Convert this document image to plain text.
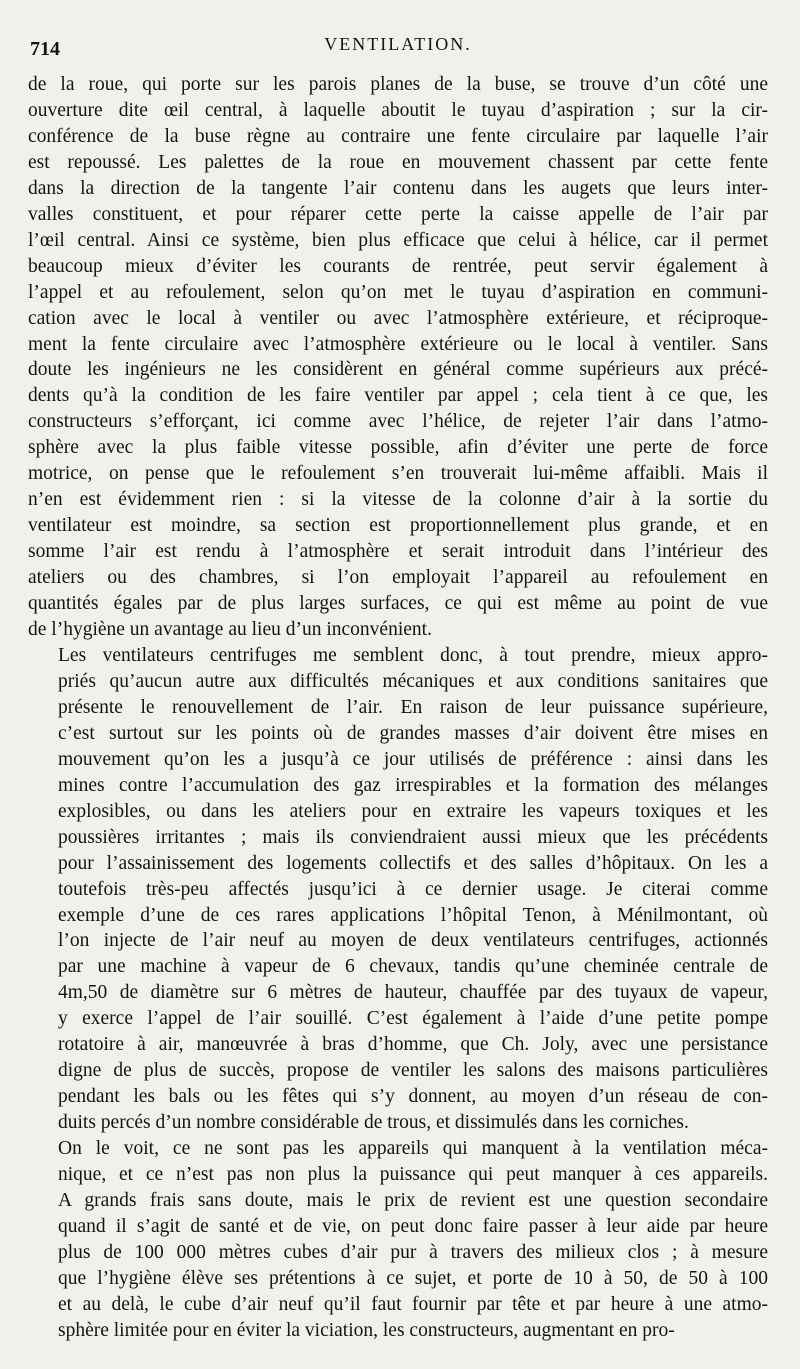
714	VENTILATION.

de la roue, qui porte sur les parois planes de la buse, se trouve d’un côté une
ouverture dite œil central, à laquelle aboutit le tuyau d’aspiration ; sur la cir-
conférence de la buse règne au contraire une fente circulaire par laquelle l’air
est repoussé. Les palettes de la roue en mouvement chassent par cette fente
dans la direction de la tangente l’air contenu dans les augets que leurs inter-
valles constituent, et pour réparer cette perte la caisse appelle de l’air par
l’œil central. Ainsi ce système, bien plus efficace que celui à hélice, car il permet
beaucoup mieux d’éviter les courants de rentrée, peut servir également à
l’appel et au refoulement, selon qu’on met le tuyau d’aspiration en communi-
cation avec le local à ventiler ou avec l’atmosphère extérieure, et réciproque-
ment la fente circulaire avec l’atmosphère extérieure ou le local à ventiler. Sans
doute les ingénieurs ne les considèrent en général comme supérieurs aux précé-
dents qu’à la condition de les faire ventiler par appel ; cela tient à ce que, les
constructeurs s’efforçant, ici comme avec l’hélice, de rejeter l’air dans l’atmo-
sphère avec la plus faible vitesse possible, afin d’éviter une perte de force
motrice, on pense que le refoulement s’en trouverait lui-même affaibli. Mais il
n’en est évidemment rien : si la vitesse de la colonne d’air à la sortie du
ventilateur est moindre, sa section est proportionnellement plus grande, et en
somme l’air est rendu à l’atmosphère et serait introduit dans l’intérieur des
ateliers ou des chambres, si l’on employait l’appareil au refoulement en
quantités égales par de plus larges surfaces, ce qui est même au point de vue
de l’hygiène un avantage au lieu d’un inconvénient.

Les ventilateurs centrifuges me semblent donc, à tout prendre, mieux appro-
priés qu’aucun autre aux difficultés mécaniques et aux conditions sanitaires que
présente le renouvellement de l’air. En raison de leur puissance supérieure,
c’est surtout sur les points où de grandes masses d’air doivent être mises en
mouvement qu’on les a jusqu’à ce jour utilisés de préférence : ainsi dans les
mines contre l’accumulation des gaz irrespirables et la formation des mélanges
explosibles, ou dans les ateliers pour en extraire les vapeurs toxiques et les
poussières irritantes ; mais ils conviendraient aussi mieux que les précédents
pour l’assainissement des logements collectifs et des salles d’hôpitaux. On les a
toutefois très-peu affectés jusqu’ici à ce dernier usage. Je citerai comme
exemple d’une de ces rares applications l’hôpital Tenon, à Ménilmontant, où
l’on injecte de l’air neuf au moyen de deux ventilateurs centrifuges, actionnés
par une machine à vapeur de 6 chevaux, tandis qu’une cheminée centrale de
4m,50 de diamètre sur 6 mètres de hauteur, chauffée par des tuyaux de vapeur,
y exerce l’appel de l’air souillé. C’est également à l’aide d’une petite pompe
rotatoire à air, manœuvrée à bras d’homme, que Ch. Joly, avec une persistance
digne de plus de succès, propose de ventiler les salons des maisons particulières
pendant les bals ou les fêtes qui s’y donnent, au moyen d’un réseau de con-
duits percés d’un nombre considérable de trous, et dissimulés dans les corniches.

On le voit, ce ne sont pas les appareils qui manquent à la ventilation méca-
nique, et ce n’est pas non plus la puissance qui peut manquer à ces appareils.
A grands frais sans doute, mais le prix de revient est une question secondaire
quand il s’agit de santé et de vie, on peut donc faire passer à leur aide par heure
plus de 100 000 mètres cubes d’air pur à travers des milieux clos ; à mesure
que l’hygiène élève ses prétentions à ce sujet, et porte de 10 à 50, de 50 à 100
et au delà, le cube d’air neuf qu’il faut fournir par tête et par heure à une atmo-
sphère limitée pour en éviter la viciation, les constructeurs, augmentant en pro-
